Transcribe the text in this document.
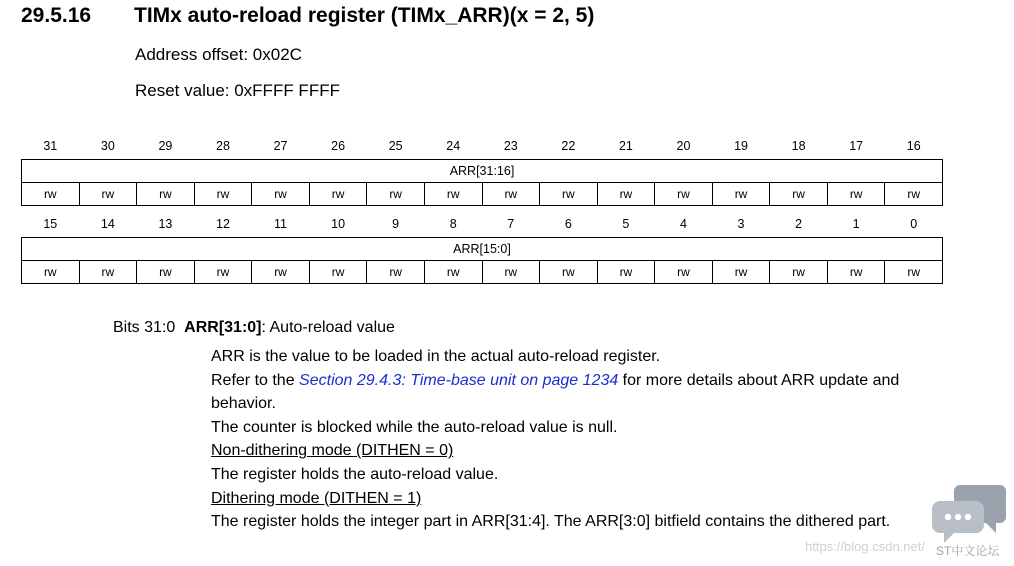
29.5.16 TIMx auto-reload register (TIMx_ARR)(x = 2, 5)
Address offset: 0x02C
Reset value: 0xFFFF FFFF
31	30	29	28	27	26	25	24	23	22	21	20	19	18	17	16
ARR[31:16]															
rw	rw	rw	rw	rw	rw	rw	rw	rw	rw	rw	rw	rw	rw	rw	rw
15	14	13	12	11	10	9	8	7	6	5	4	3	2	1	0
ARR[15:0]															
rw	rw	rw	rw	rw	rw	rw	rw	rw	rw	rw	rw	rw	rw	rw	rw
Bits 31:0 ARR[31:0]: Auto-reload value
ARR is the value to be loaded in the actual auto-reload register.
Refer to the Section 29.4.3: Time-base unit on page 1234 for more details about ARR update and behavior.
The counter is blocked while the auto-reload value is null.
Non-dithering mode (DITHEN = 0)
The register holds the auto-reload value.
Dithering mode (DITHEN = 1)
The register holds the integer part in ARR[31:4]. The ARR[3:0] bitfield contains the dithered part.
https://blog.csdn.net/ ST中文论坛
